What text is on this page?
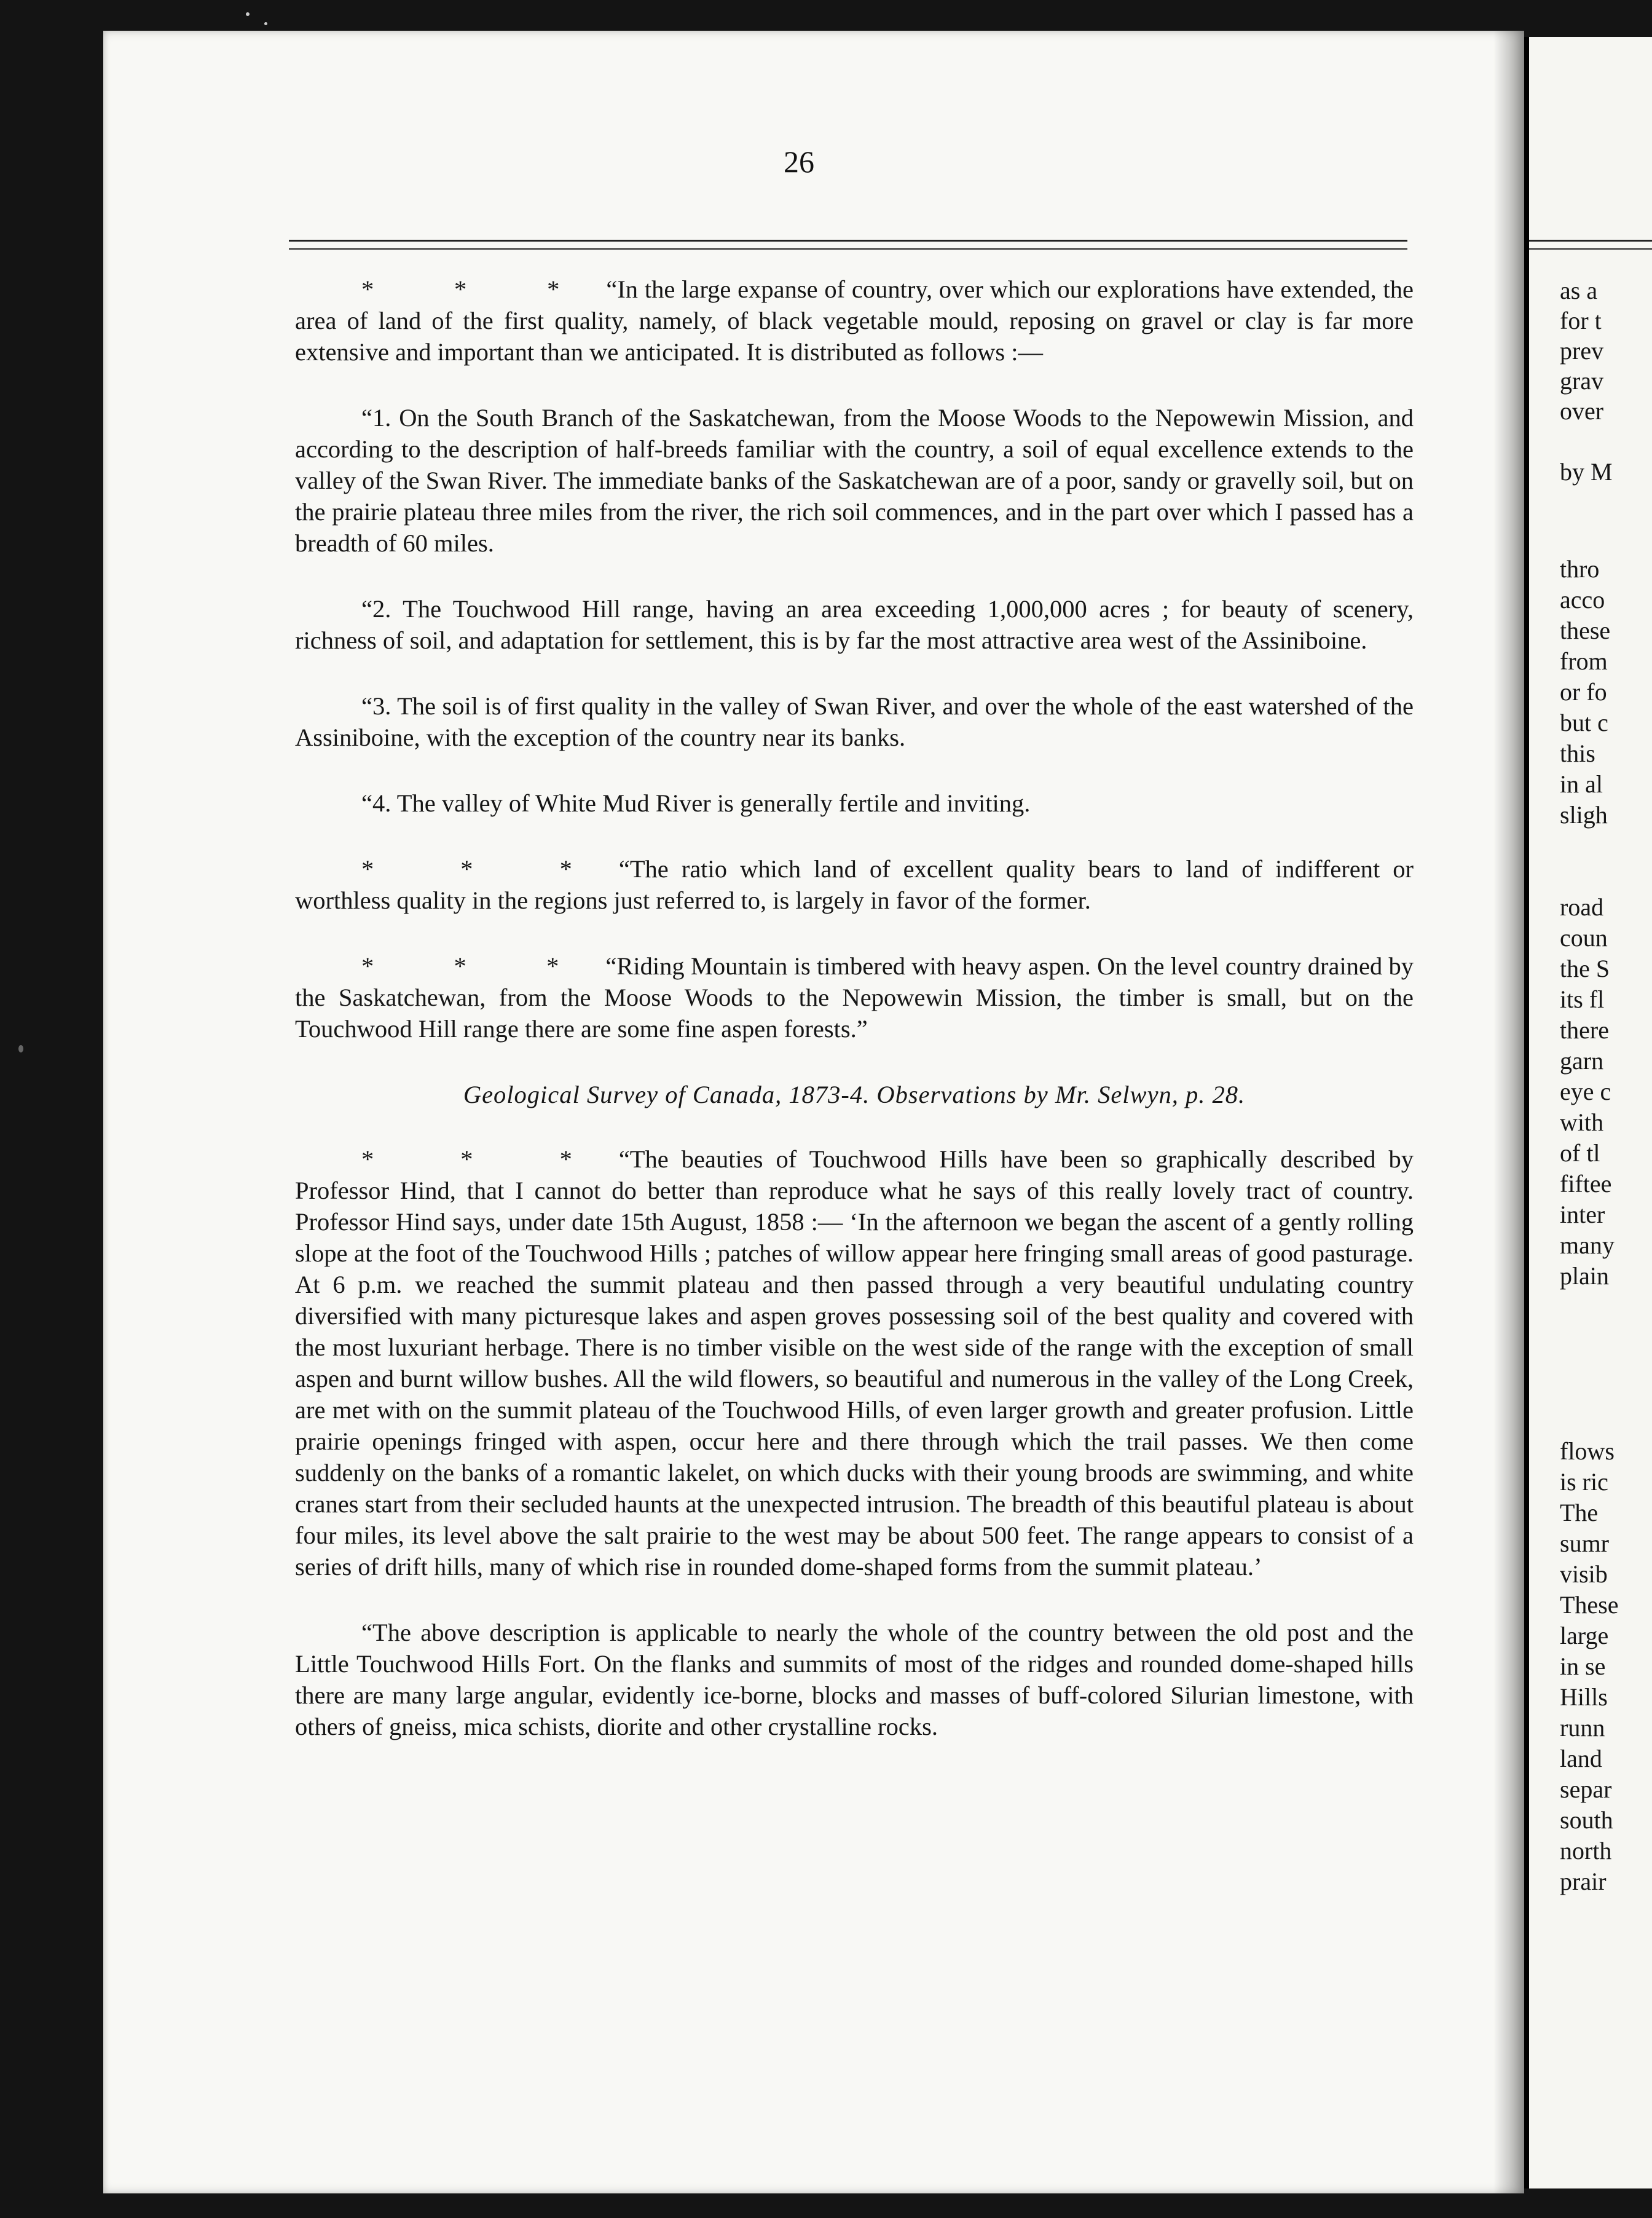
as a
for t
prev
grav
over
by M
thro
acco
these
from
or fo
but c
this
in al
sligh
road
coun
the S
its fl
there
garn
eye c
with
of tl
fiftee
inter
many
plain
flows
is ric
The
sumr
visib
These
large
in se
Hills
runn
land
separ
south
north
prair
26

* * * “In the large expanse of country, over which our explorations have extended, the area of land of the first quality, namely, of black vegetable mould, reposing on gravel or clay is far more extensive and important than we anticipated. It is distributed as follows :—

“1. On the South Branch of the Saskatchewan, from the Moose Woods to the Nepowewin Mission, and according to the description of half-breeds familiar with the country, a soil of equal excellence extends to the valley of the Swan River. The immediate banks of the Saskatchewan are of a poor, sandy or gravelly soil, but on the prairie plateau three miles from the river, the rich soil commences, and in the part over which I passed has a breadth of 60 miles.

“2. The Touchwood Hill range, having an area exceeding 1,000,000 acres ; for beauty of scenery, richness of soil, and adaptation for settlement, this is by far the most attractive area west of the Assiniboine.

“3. The soil is of first quality in the valley of Swan River, and over the whole of the east watershed of the Assiniboine, with the exception of the country near its banks.

“4. The valley of White Mud River is generally fertile and inviting.

* * * “The ratio which land of excellent quality bears to land of indifferent or worthless quality in the regions just referred to, is largely in favor of the former.

* * * “Riding Mountain is timbered with heavy aspen. On the level country drained by the Saskatchewan, from the Moose Woods to the Nepowewin Mission, the timber is small, but on the Touchwood Hill range there are some fine aspen forests.”

Geological Survey of Canada, 1873-4. Observations by Mr. Selwyn, p. 28.

* * * “The beauties of Touchwood Hills have been so graphically described by Professor Hind, that I cannot do better than reproduce what he says of this really lovely tract of country. Professor Hind says, under date 15th August, 1858 :— ‘In the afternoon we began the ascent of a gently rolling slope at the foot of the Touchwood Hills ; patches of willow appear here fringing small areas of good pasturage. At 6 p.m. we reached the summit plateau and then passed through a very beautiful undulating country diversified with many picturesque lakes and aspen groves possessing soil of the best quality and covered with the most luxuriant herbage. There is no timber visible on the west side of the range with the exception of small aspen and burnt willow bushes. All the wild flowers, so beautiful and numerous in the valley of the Long Creek, are met with on the summit plateau of the Touchwood Hills, of even larger growth and greater profusion. Little prairie openings fringed with aspen, occur here and there through which the trail passes. We then come suddenly on the banks of a romantic lakelet, on which ducks with their young broods are swimming, and white cranes start from their secluded haunts at the unexpected intrusion. The breadth of this beautiful plateau is about four miles, its level above the salt prairie to the west may be about 500 feet. The range appears to consist of a series of drift hills, many of which rise in rounded dome-shaped forms from the summit plateau.’

“The above description is applicable to nearly the whole of the country between the old post and the Little Touchwood Hills Fort. On the flanks and summits of most of the ridges and rounded dome-shaped hills there are many large angular, evidently ice-borne, blocks and masses of buff-colored Silurian limestone, with others of gneiss, mica schists, diorite and other crystalline rocks.
